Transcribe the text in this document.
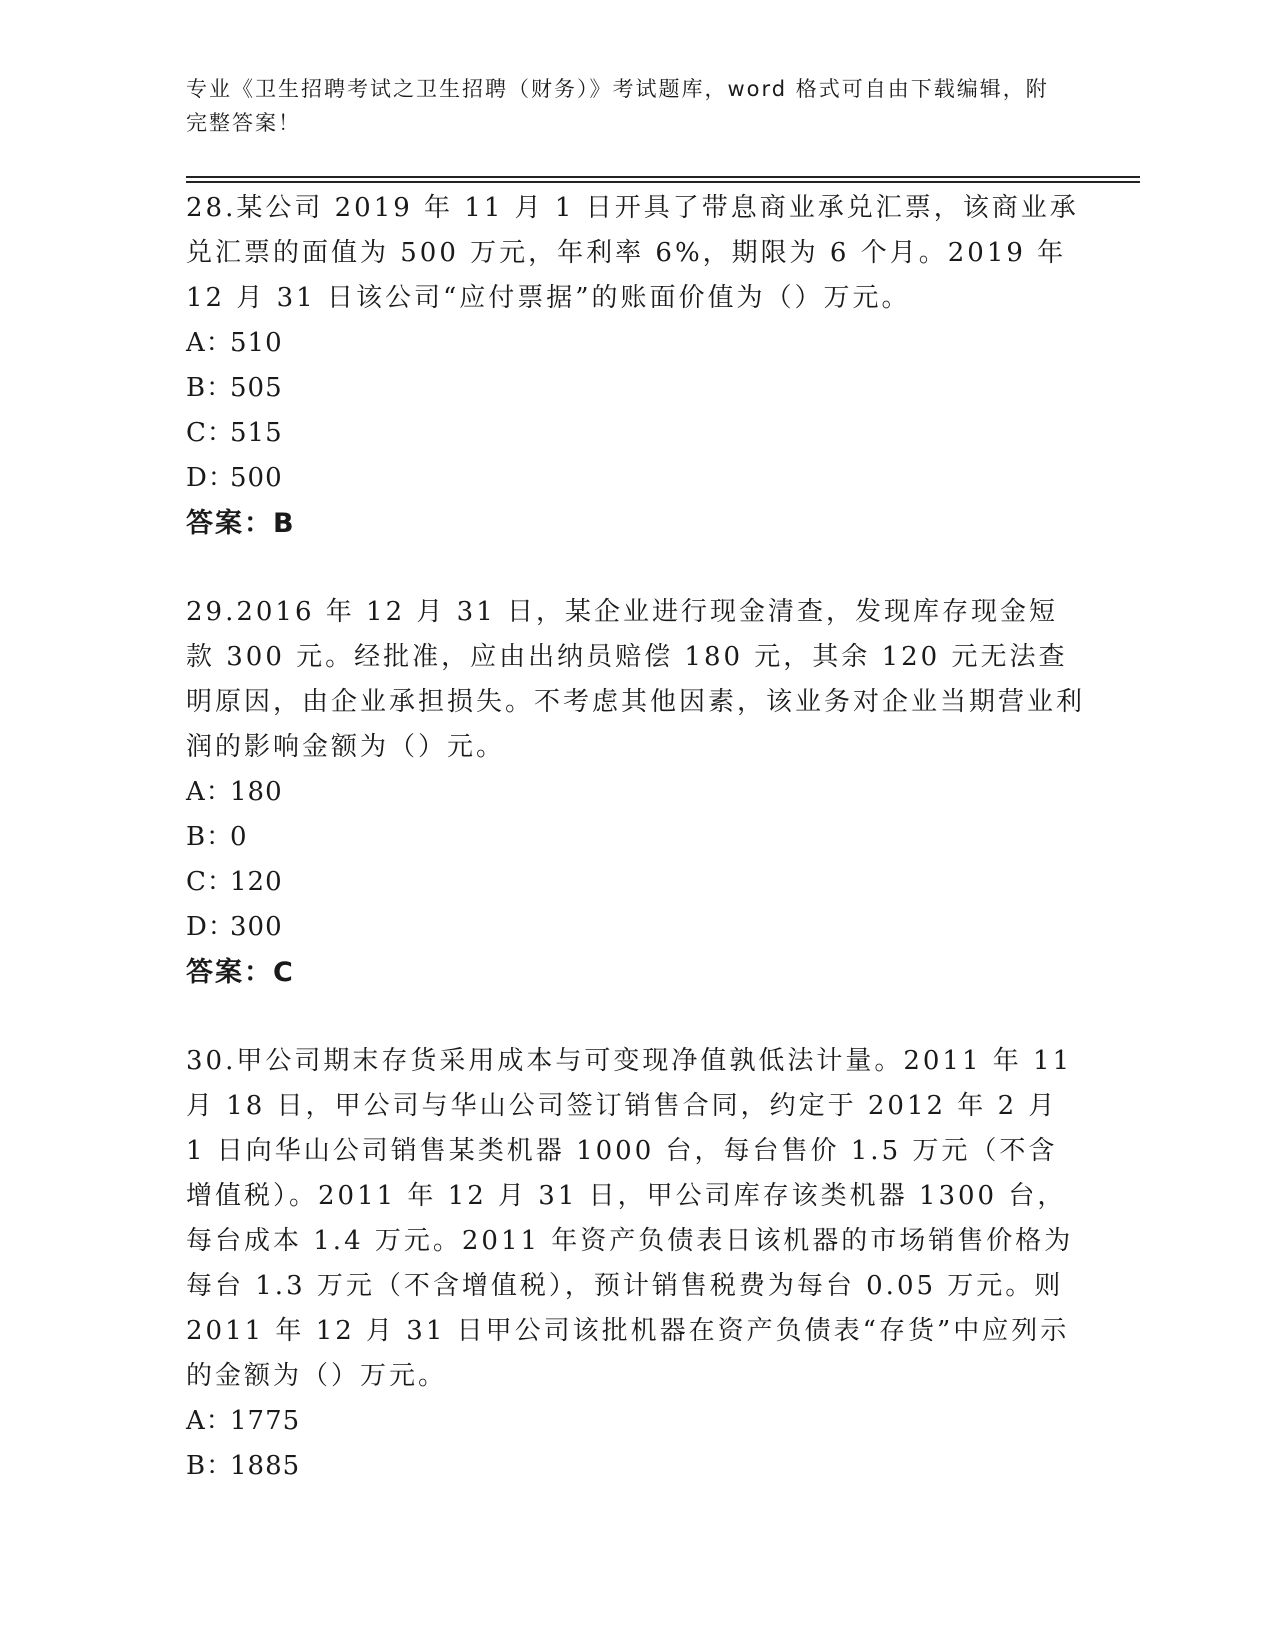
专业《卫生招聘考试之卫生招聘（财务）》考试题库，word 格式可自由下载编辑，附完整答案！

28.某公司 2019 年 11 月 1 日开具了带息商业承兑汇票，该商业承兑汇票的面值为 500 万元，年利率 6%，期限为 6 个月。2019 年 12 月 31 日该公司“应付票据”的账面价值为（）万元。

A：510

B：505

C：515

D：500

答案：B

29.2016 年 12 月 31 日，某企业进行现金清查，发现库存现金短款 300 元。经批准，应由出纳员赔偿 180 元，其余 120 元无法查明原因，由企业承担损失。不考虑其他因素，该业务对企业当期营业利润的影响金额为（）元。

A：180

B：0

C：120

D：300

答案：C

30.甲公司期末存货采用成本与可变现净值孰低法计量。2011 年 11 月 18 日，甲公司与华山公司签订销售合同，约定于 2012 年 2 月 1 日向华山公司销售某类机器 1000 台，每台售价 1.5 万元（不含增值税）。2011 年 12 月 31 日，甲公司库存该类机器 1300 台，每台成本 1.4 万元。2011 年资产负债表日该机器的市场销售价格为每台 1.3 万元（不含增值税），预计销售税费为每台 0.05 万元。则 2011 年 12 月 31 日甲公司该批机器在资产负债表“存货”中应列示的金额为（）万元。

A：1775

B：1885
